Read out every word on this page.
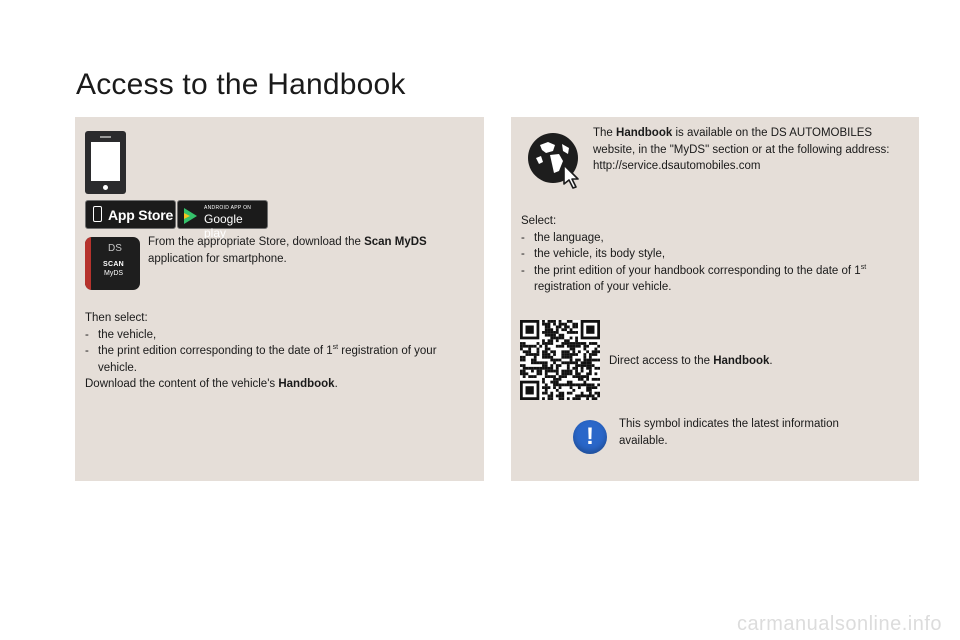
Access to the Handbook
App Store	ANDROID APP ON
Google play
DS
SCAN
MyDS
From the appropriate Store, download the Scan MyDS application for smartphone.
Then select:
- the vehicle,
- the print edition corresponding to the date of 1st registration of your vehicle.
Download the content of the vehicle's Handbook.
The Handbook is available on the DS AUTOMOBILES website, in the "MyDS" section or at the following address:
http://service.dsautomobiles.com
Select:
- the language,
- the vehicle, its body style,
- the print edition of your handbook corresponding to the date of 1st registration of your vehicle.
Direct access to the Handbook.
!	This symbol indicates the latest information available.
carmanualsonline.info
